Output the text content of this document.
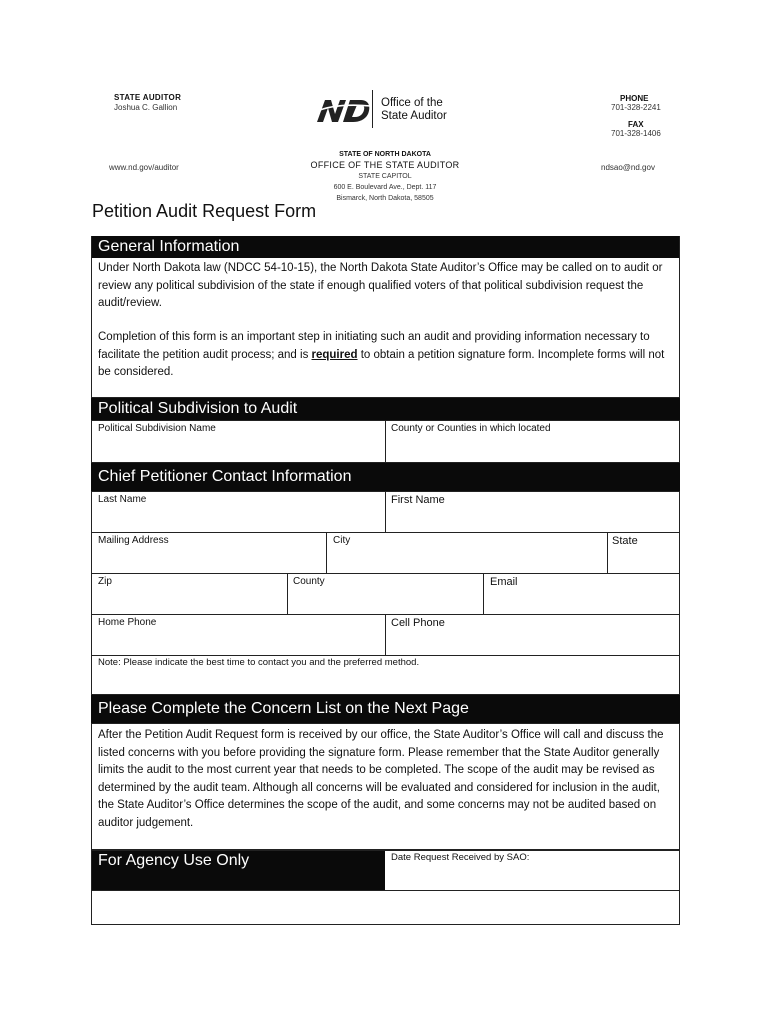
STATE AUDITOR
Joshua C. Gallion
www.nd.gov/auditor
Office of the
State Auditor
PHONE
701-328-2241
FAX
701-328-1406
ndsao@nd.gov
STATE OF NORTH DAKOTA
OFFICE OF THE STATE AUDITOR
STATE CAPITOL
600 E. Boulevard Ave., Dept. 117
Bismarck, North Dakota, 58505
Petition Audit Request Form
General Information
Under North Dakota law (NDCC 54-10-15), the North Dakota State Auditor’s Office may be called on to audit or review any political subdivision of the state if enough qualified voters of that political subdivision request the audit/review.
Completion of this form is an important step in initiating such an audit and providing information necessary to facilitate the petition audit process; and is required to obtain a petition signature form. Incomplete forms will not be considered.
Political Subdivision to Audit
Political Subdivision Name	County or Counties in which located
Chief Petitioner Contact Information
Last Name	First Name
Mailing Address	City	State
Zip	County	Email
Home Phone	Cell Phone
Note: Please indicate the best time to contact you and the preferred method.
Please Complete the Concern List on the Next Page
After the Petition Audit Request form is received by our office, the State Auditor’s Office will call and discuss the listed concerns with you before providing the signature form. Please remember that the State Auditor generally limits the audit to the most current year that needs to be completed. The scope of the audit may be revised as determined by the audit team. Although all concerns will be evaluated and considered for inclusion in the audit, the State Auditor’s Office determines the scope of the audit, and some concerns may not be audited based on auditor judgement.
For Agency Use Only	Date Request Received by SAO:
